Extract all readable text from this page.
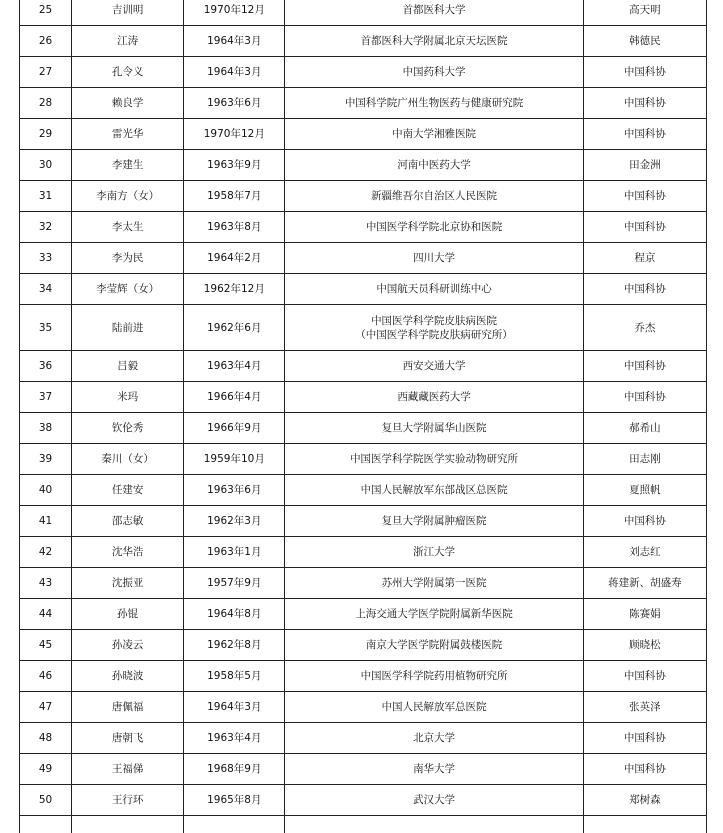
25	吉训明	1970年12月	首都医科大学	高天明
26	江涛	1964年3月	首都医科大学附属北京天坛医院	韩德民
27	孔令义	1964年3月	中国药科大学	中国科协
28	赖良学	1963年6月	中国科学院广州生物医药与健康研究院	中国科协
29	雷光华	1970年12月	中南大学湘雅医院	中国科协
30	李建生	1963年9月	河南中医药大学	田金洲
31	李南方（女）	1958年7月	新疆维吾尔自治区人民医院	中国科协
32	李太生	1963年8月	中国医学科学院北京协和医院	中国科协
33	李为民	1964年2月	四川大学	程京
34	李莹辉（女）	1962年12月	中国航天员科研训练中心	中国科协
35	陆前进	1962年6月	中国医学科学院皮肤病医院
（中国医学科学院皮肤病研究所）	乔杰
36	吕毅	1963年4月	西安交通大学	中国科协
37	米玛	1966年4月	西藏藏医药大学	中国科协
38	钦伦秀	1966年9月	复旦大学附属华山医院	郝希山
39	秦川（女）	1959年10月	中国医学科学院医学实验动物研究所	田志刚
40	任建安	1963年6月	中国人民解放军东部战区总医院	夏照帆
41	邵志敏	1962年3月	复旦大学附属肿瘤医院	中国科协
42	沈华浩	1963年1月	浙江大学	刘志红
43	沈振亚	1957年9月	苏州大学附属第一医院	蒋建新、胡盛寿
44	孙锟	1964年8月	上海交通大学医学院附属新华医院	陈赛娟
45	孙凌云	1962年8月	南京大学医学院附属鼓楼医院	顾晓松
46	孙晓波	1958年5月	中国医学科学院药用植物研究所	中国科协
47	唐佩福	1964年3月	中国人民解放军总医院	张英泽
48	唐朝飞	1963年4月	北京大学	中国科协
49	王福俤	1968年9月	南华大学	中国科协
50	王行环	1965年8月	武汉大学	郑树森
